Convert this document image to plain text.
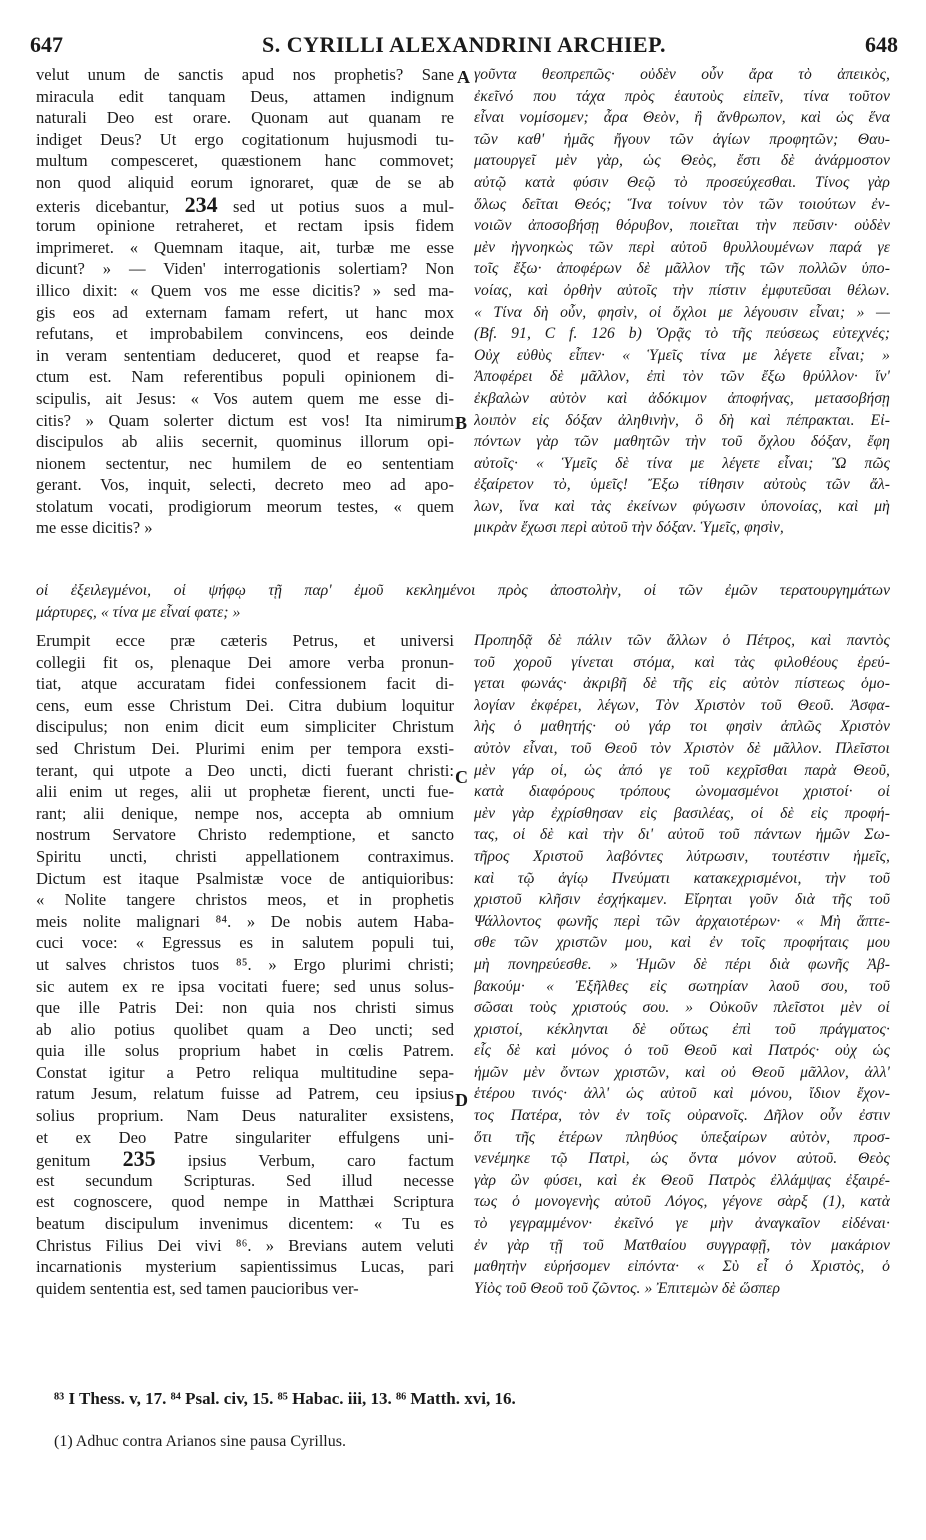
647	S. CYRILLI ALEXANDRINI ARCHIEP.	648
velut unum de sanctis apud nos prophetis? Sane
miracula edit tanquam Deus, attamen indignum
naturali Deo est orare. Quonam aut quanam re
indiget Deus? Ut ergo cogitationum hujusmodi tu-
multum compesceret, quæstionem hanc commovet;
non quod aliquid eorum ignoraret, quæ de se ab
exteris dicebantur, 234 sed ut potius suos a mul-
torum opinione retraheret, et rectam ipsis fidem
imprimeret. « Quemnam itaque, ait, turbæ me esse
dicunt? » — Viden' interrogationis solertiam? Non
illico dixit: « Quem vos me esse dicitis? » sed ma-
gis eos ad externam famam refert, ut hanc mox
refutans, et improbabilem convincens, eos deinde
in veram sententiam deduceret, quod et reapse fa-
ctum est. Nam referentibus populi opinionem di-
scipulis, ait Jesus: « Vos autem quem me esse di-
citis? » Quam solerter dictum est vos! Ita nimirum
discipulos ab aliis secernit, quominus illorum opi-
nionem sectentur, nec humilem de eo sententiam
gerant. Vos, inquit, selecti, decreto meo ad apo-
stolatum vocati, prodigiorum meorum testes, « quem
me esse dicitis? »
γοῦντα θεοπρεπῶς· οὐδὲν οὖν ἄρα τὸ ἀπεικὸς,
ἐκεῖνό που τάχα πρὸς ἑαυτοὺς εἰπεῖν, τίνα τοῦτον
εἶναι νομίσομεν; ἆρα Θεὸν, ἢ ἄνθρωπον, καὶ ὡς ἕνα
τῶν καθ' ἡμᾶς ἤγουν τῶν ἁγίων προφητῶν; Θαυ-
ματουργεῖ μὲν γὰρ, ὡς Θεὸς, ἔστι δὲ ἀνάρμοστον
αὐτῷ κατὰ φύσιν Θεῷ τὸ προσεύχεσθαι. Τίνος γὰρ
ὅλως δεῖται Θεός; Ἵνα τοίνυν τὸν τῶν τοιούτων ἐν-
νοιῶν ἀποσοβήσῃ θόρυβον, ποιεῖται τὴν πεῦσιν· οὐδὲν
μὲν ἠγνοηκὼς τῶν περὶ αὐτοῦ θρυλλουμένων παρά γε
τοῖς ἔξω· ἀποφέρων δὲ μᾶλλον τῆς τῶν πολλῶν ὑπο-
νοίας, καὶ ὀρθὴν αὐτοῖς τὴν πίστιν ἐμφυτεῦσαι θέλων.
« Τίνα δὴ οὖν, φησὶν, οἱ ὄχλοι με λέγουσιν εἶναι; » —
(Bf. 91, C f. 126 b) Ὁρᾷς τὸ τῆς πεύσεως εὐτεχνές;
Οὐχ εὐθὺς εἶπεν· « Ὑμεῖς τίνα με λέγετε εἶναι; »
Ἀποφέρει δὲ μᾶλλον, ἐπὶ τὸν τῶν ἔξω θρύλλον· ἵν'
ἐκβαλὼν αὐτὸν καὶ ἀδόκιμον ἀποφήνας, μετασοβήσῃ
λοιπὸν εἰς δόξαν ἀληθινὴν, ὃ δὴ καὶ πέπρακται. Εἰ-
πόντων γὰρ τῶν μαθητῶν τὴν τοῦ ὄχλου δόξαν, ἔφη
αὐτοῖς· « Ὑμεῖς δὲ τίνα με λέγετε εἶναι; Ὢ πῶς
ἐξαίρετον τὸ, ὑμεῖς! Ἔξω τίθησιν αὐτοὺς τῶν ἄλ-
λων, ἵνα καὶ τὰς ἐκείνων φύγωσιν ὑπονοίας, καὶ μὴ
μικρὰν ἔχωσι περὶ αὐτοῦ τὴν δόξαν. Ὑμεῖς, φησὶν,
οἱ ἐξειλεγμένοι, οἱ ψήφῳ τῇ παρ' ἐμοῦ κεκλημένοι πρὸς ἀποστολὴν, οἱ τῶν ἐμῶν τερατουργημάτων
μάρτυρες, « τίνα με εἶναί φατε; »
Erumpit ecce præ cæteris Petrus, et universi
collegii fit os, plenaque Dei amore verba pronun-
tiat, atque accuratam fidei confessionem facit di-
cens, eum esse Christum Dei. Citra dubium loquitur
discipulus; non enim dicit eum simpliciter Christum
sed Christum Dei. Plurimi enim per tempora exsti-
terant, qui utpote a Deo uncti, dicti fuerant christi:
alii enim ut reges, alii ut prophetæ fierent, uncti fue-
rant; alii denique, nempe nos, accepta ab omnium
nostrum Servatore Christo redemptione, et sancto
Spiritu uncti, christi appellationem contraximus.
Dictum est itaque Psalmistæ voce de antiquioribus:
« Nolite tangere christos meos, et in prophetis
meis nolite malignari ⁸⁴. » De nobis autem Haba-
cuci voce: « Egressus es in salutem populi tui,
ut salves christos tuos ⁸⁵. » Ergo plurimi christi;
sic autem ex re ipsa vocitati fuere; sed unus solus-
que ille Patris Dei: non quia nos christi simus
ab alio potius quolibet quam a Deo uncti; sed
quia ille solus proprium habet in cœlis Patrem.
Constat igitur a Petro reliqua multitudine sepa-
ratum Jesum, relatum fuisse ad Patrem, ceu ipsius
solius proprium. Nam Deus naturaliter exsistens,
et ex Deo Patre singulariter effulgens uni-
genitum 235 ipsius Verbum, caro factum
est secundum Scripturas. Sed illud necesse
est cognoscere, quod nempe in Matthæi Scriptura
beatum discipulum invenimus dicentem: « Tu es
Christus Filius Dei vivi ⁸⁶. » Brevians autem veluti
incarnationis mysterium sapientissimus Lucas, pari
quidem sententia est, sed tamen paucioribus ver-
Προπηδᾷ δὲ πάλιν τῶν ἄλλων ὁ Πέτρος, καὶ παντὸς
τοῦ χοροῦ γίνεται στόμα, καὶ τὰς φιλοθέους ἐρεύ-
γεται φωνάς· ἀκριβῆ δὲ τῆς εἰς αὐτὸν πίστεως ὁμο-
λογίαν ἐκφέρει, λέγων, Τὸν Χριστὸν τοῦ Θεοῦ. Ἀσφα-
λὴς ὁ μαθητής· οὐ γάρ τοι φησὶν ἁπλῶς Χριστὸν
αὐτὸν εἶναι, τοῦ Θεοῦ τὸν Χριστὸν δὲ μᾶλλον. Πλεῖστοι
μὲν γάρ οἱ, ὡς ἀπό γε τοῦ κεχρῖσθαι παρὰ Θεοῦ,
κατὰ διαφόρους τρόπους ὠνομασμένοι χριστοί· οἱ
μὲν γὰρ ἐχρίσθησαν εἰς βασιλέας, οἱ δὲ εἰς προφή-
τας, οἱ δὲ καὶ τὴν δι' αὐτοῦ τοῦ πάντων ἡμῶν Σω-
τῆρος Χριστοῦ λαβόντες λύτρωσιν, τουτέστιν ἡμεῖς,
καὶ τῷ ἁγίῳ Πνεύματι κατακεχρισμένοι, τὴν τοῦ
χριστοῦ κλῆσιν ἐσχήκαμεν. Εἴρηται γοῦν διὰ τῆς τοῦ
Ψάλλοντος φωνῆς περὶ τῶν ἀρχαιοτέρων· « Μὴ ἅπτε-
σθε τῶν χριστῶν μου, καὶ ἐν τοῖς προφήταις μου
μὴ πονηρεύεσθε. » Ἡμῶν δὲ πέρι διὰ φωνῆς Ἀβ-
βακούμ· « Ἐξῆλθες εἰς σωτηρίαν λαοῦ σου, τοῦ
σῶσαι τοὺς χριστούς σου. » Οὐκοῦν πλεῖστοι μὲν οἱ
χριστοί, κέκληνται δὲ οὕτως ἐπὶ τοῦ πράγματος·
εἷς δὲ καὶ μόνος ὁ τοῦ Θεοῦ καὶ Πατρός· οὐχ ὡς
ἡμῶν μὲν ὄντων χριστῶν, καὶ οὐ Θεοῦ μᾶλλον, ἀλλ'
ἑτέρου τινός· ἀλλ' ὡς αὐτοῦ καὶ μόνου, ἴδιον ἔχον-
τος Πατέρα, τὸν ἐν τοῖς οὐρανοῖς. Δῆλον οὖν ἐστιν
ὅτι τῆς ἑτέρων πληθύος ὑπεξαίρων αὐτὸν, προσ-
νενέμηκε τῷ Πατρὶ, ὡς ὄντα μόνον αὐτοῦ. Θεὸς
γὰρ ὢν φύσει, καὶ ἐκ Θεοῦ Πατρὸς ἐλλάμψας ἐξαιρέ-
τως ὁ μονογενὴς αὐτοῦ Λόγος, γέγονε σὰρξ (1), κατὰ
τὸ γεγραμμένον· ἐκεῖνό γε μὴν ἀναγκαῖον εἰδέναι·
ἐν γὰρ τῇ τοῦ Ματθαίου συγγραφῇ, τὸν μακάριον
μαθητὴν εὑρήσομεν εἰπόντα· « Σὺ εἶ ὁ Χριστὸς, ὁ
Υἱὸς τοῦ Θεοῦ τοῦ ζῶντος. » Ἐπιτεμὼν δὲ ὥσπερ
A
B
C
D
⁸³ I Thess. v, 17. ⁸⁴ Psal. civ, 15. ⁸⁵ Habac. iii, 13. ⁸⁶ Matth. xvi, 16.
(1) Adhuc contra Arianos sine pausa Cyrillus.
